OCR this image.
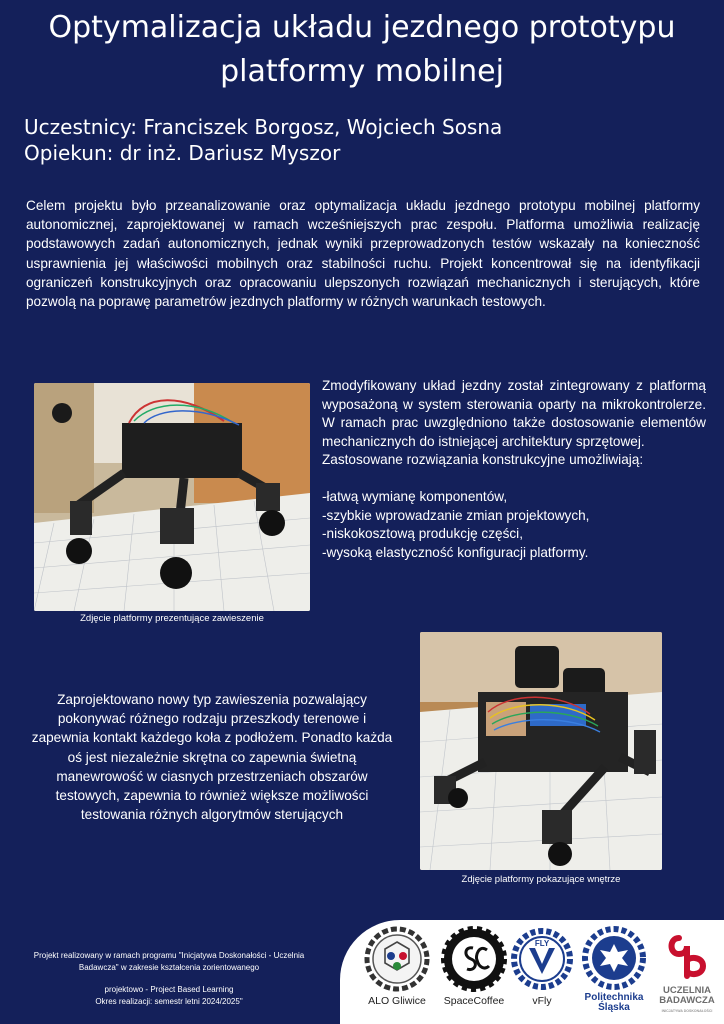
Optymalizacja układu jezdnego prototypu
platformy mobilnej
Uczestnicy: Franciszek Borgosz, Wojciech Sosna
Opiekun: dr inż. Dariusz Myszor

Celem projektu było przeanalizowanie oraz optymalizacja układu jezdnego prototypu mobilnej platformy autonomicznej, zaprojektowanej w ramach wcześniejszych prac zespołu. Platforma umożliwia realizację podstawowych zadań autonomicznych, jednak wyniki przeprowadzonych testów wskazały na konieczność usprawnienia jej właściwości mobilnych oraz stabilności ruchu. Projekt koncentrował się na identyfikacji ograniczeń konstrukcyjnych oraz opracowaniu ulepszonych rozwiązań mechanicznych i sterujących, które pozwolą na poprawę parametrów jezdnych platformy w różnych warunkach testowych.

Zdjęcie platformy prezentujące zawieszenie

Zmodyfikowany układ jezdny został zintegrowany z platformą wyposażoną w system sterowania oparty na mikrokontrolerze. W ramach prac uwzględniono także dostosowanie elementów mechanicznych do istniejącej architektury sprzętowej.

Zastosowane rozwiązania konstrukcyjne umożliwiają:

-łatwą wymianę komponentów,

-szybkie wprowadzanie zmian projektowych,

-niskokosztową produkcję części,

-wysoką elastyczność konfiguracji platformy.

Zaprojektowano nowy typ zawieszenia pozwalający pokonywać różnego rodzaju przeszkody terenowe i zapewnia kontakt każdego koła z podłożem. Ponadto każda oś jest niezależnie skrętna co zapewnia świetną manewrowość w ciasnych przestrzeniach obszarów testowych, zapewnia to również większe możliwości testowania różnych algorytmów sterujących

Zdjęcie platformy pokazujące wnętrze

Projekt realizowany w ramach programu "Inicjatywa Doskonałości - Uczelnia Badawcza" w zakresie kształcenia zorientowanego

projektowo - Project Based Learning

Okres realizacji: semestr letni 2024/2025"	ALO Gliwice	SpaceCoffee
FLY
vFly	Politechnika
Śląska
UCZELNIA
BADAWCZA
INICJATYWA DOSKONAŁOŚCI
